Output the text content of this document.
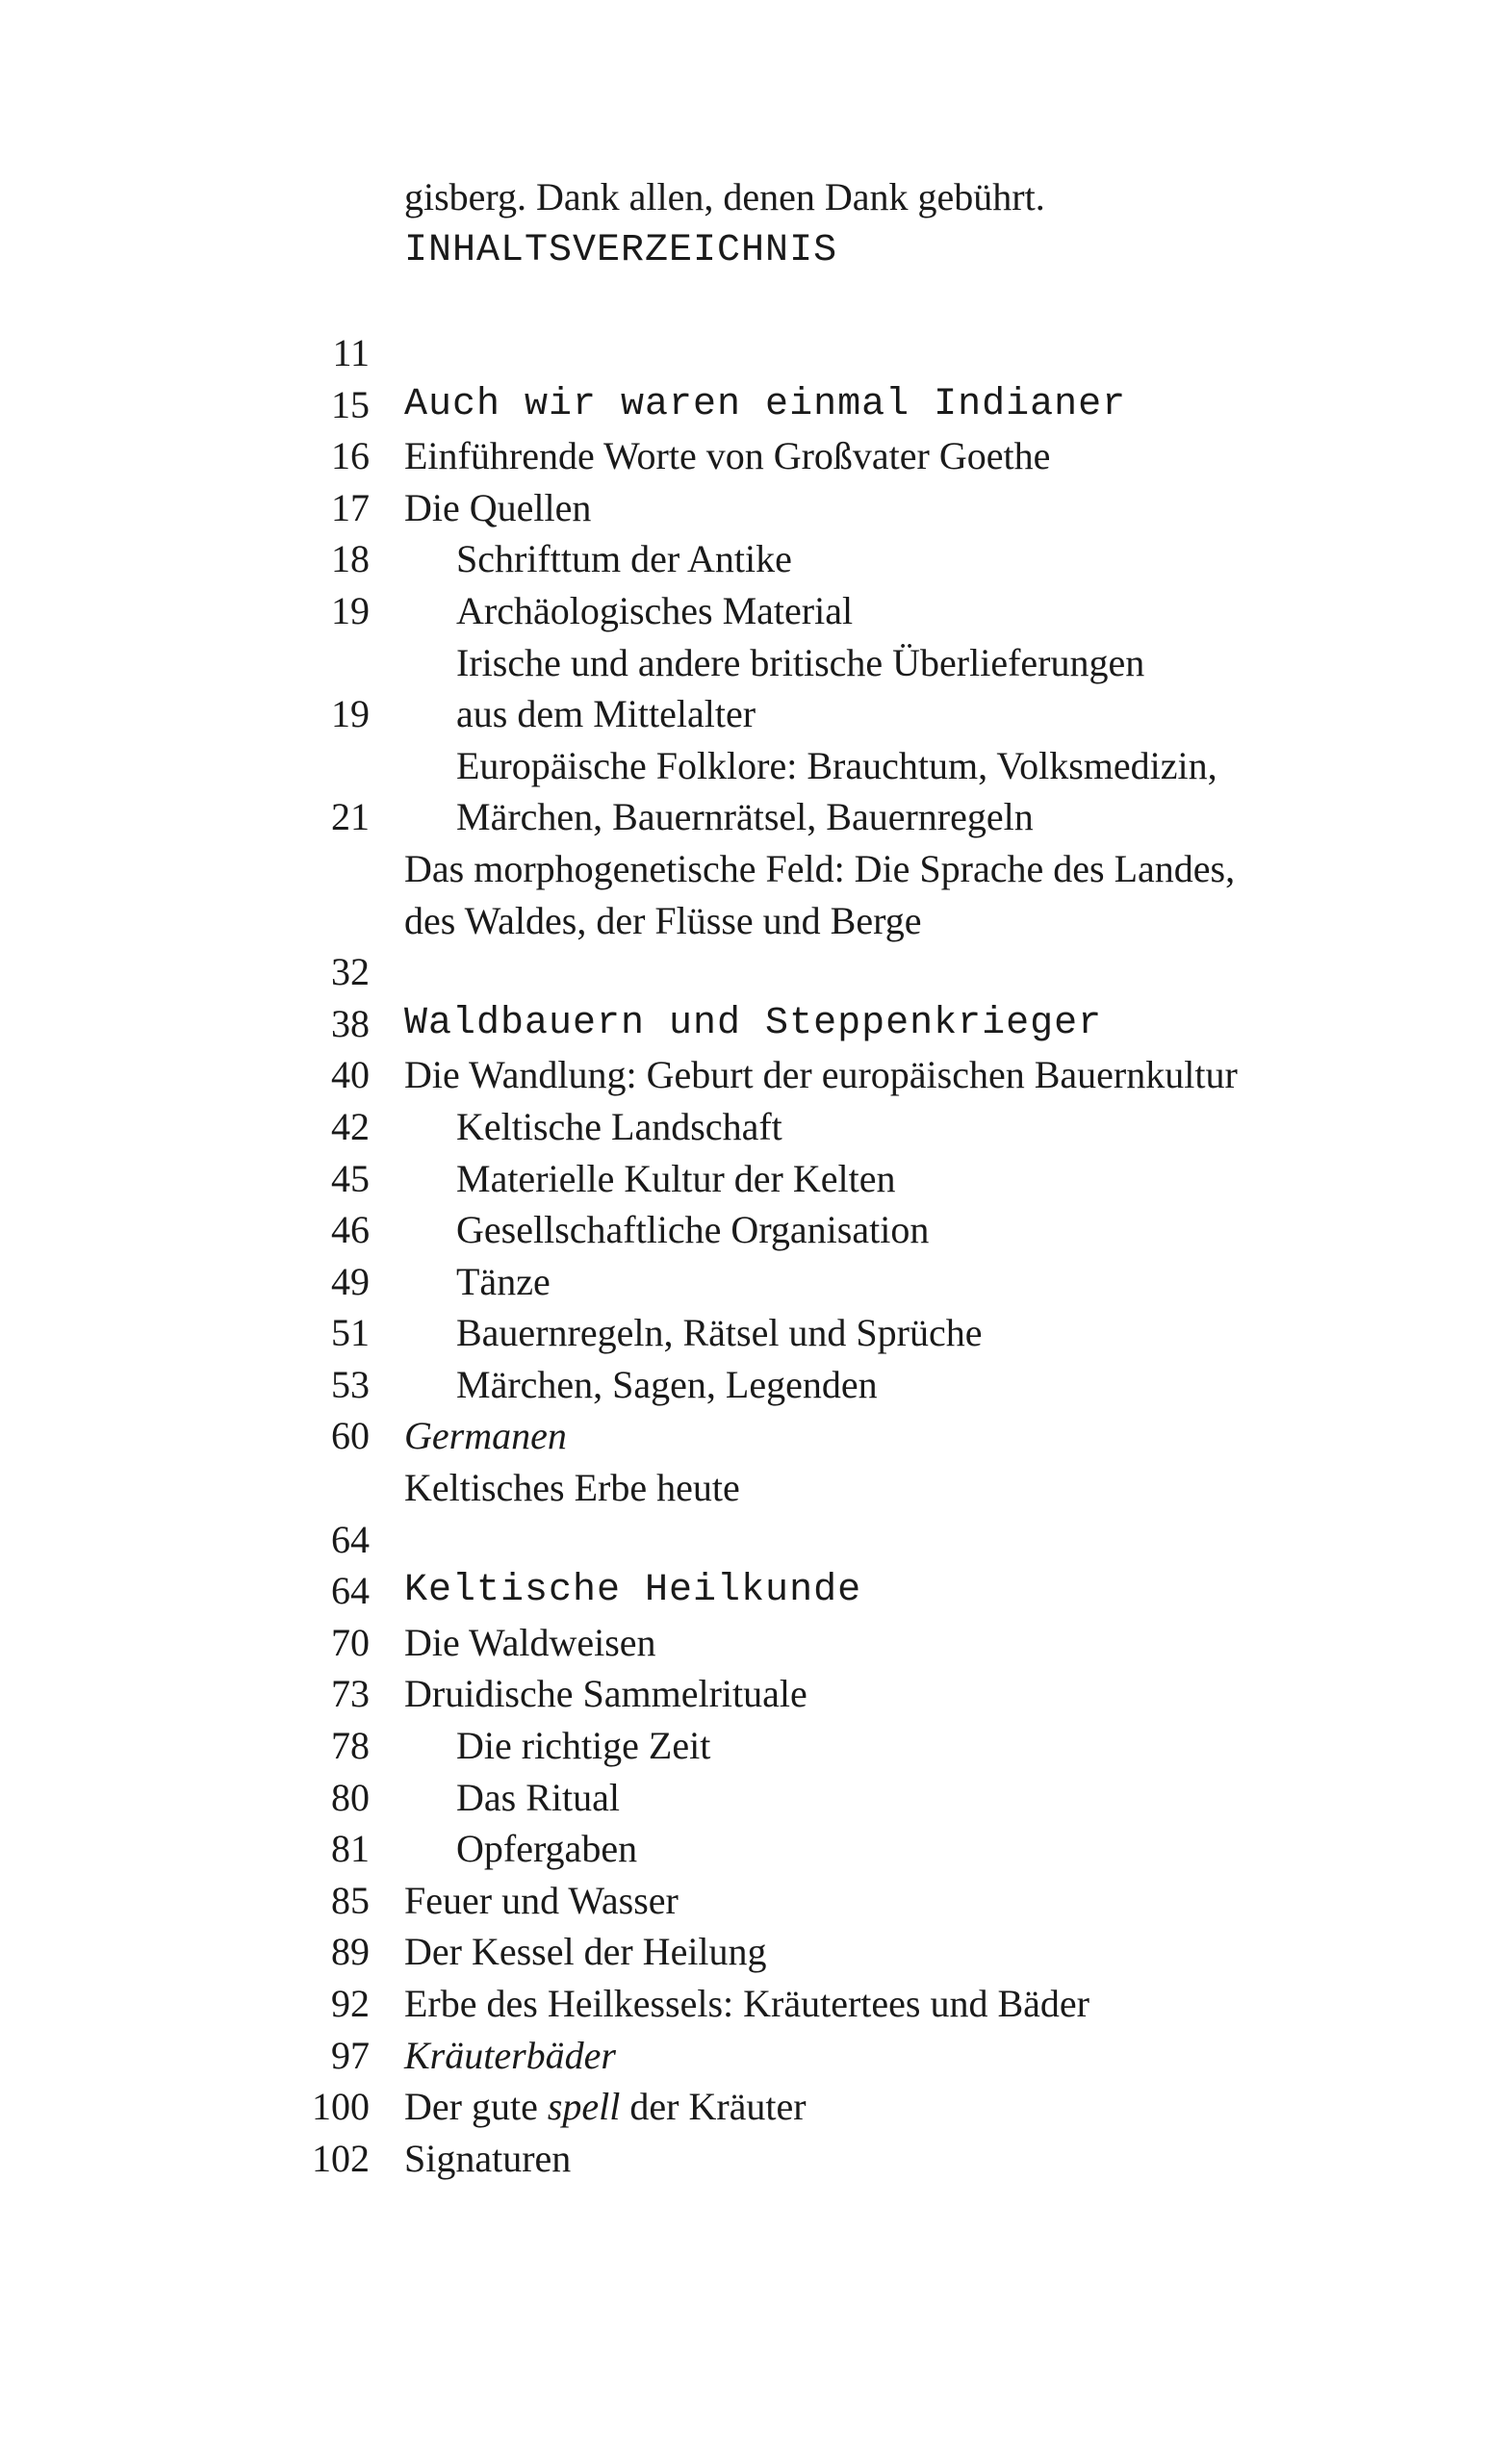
gisberg. Dank allen, denen Dank gebührt.
INHALTSVERZEICHNIS
11
15 Auch wir waren einmal Indianer
16 Einführende Worte von Großvater Goethe
17 Die Quellen
18 Schrifttum der Antike
19 Archäologisches Material
Irische und andere britische Überlieferungen
19 aus dem Mittelalter
Europäische Folklore: Brauchtum, Volksmedizin,
21 Märchen, Bauernrätsel, Bauernregeln
Das morphogenetische Feld: Die Sprache des Landes,
des Waldes, der Flüsse und Berge
32
38 Waldbauern und Steppenkrieger
40 Die Wandlung: Geburt der europäischen Bauernkultur
42 Keltische Landschaft
45 Materielle Kultur der Kelten
46 Gesellschaftliche Organisation
49 Tänze
51 Bauernregeln, Rätsel und Sprüche
53 Märchen, Sagen, Legenden
60 Germanen
Keltisches Erbe heute
64
64 Keltische Heilkunde
70 Die Waldweisen
73 Druidische Sammelrituale
78 Die richtige Zeit
80 Das Ritual
81 Opfergaben
85 Feuer und Wasser
89 Der Kessel der Heilung
92 Erbe des Heilkessels: Kräutertees und Bäder
97 Kräuterbäder
100 Der gute spell der Kräuter
102 Signaturen
